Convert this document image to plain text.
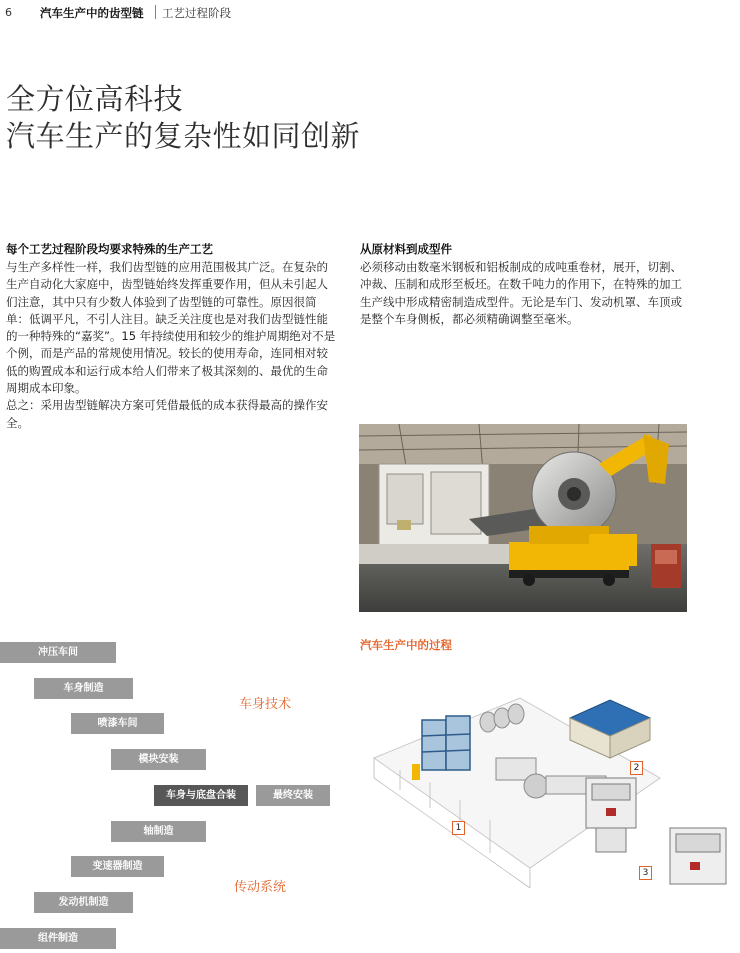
6 汽车生产中的齿型链 工艺过程阶段
全方位高科技
汽车生产的复杂性如同创新
每个工艺过程阶段均要求特殊的生产工艺

与生产多样性一样，我们齿型链的应用范围极其广泛。在复杂的生产自动化大家庭中，齿型链始终发挥重要作用，但从未引起人们注意，其中只有少数人体验到了齿型链的可靠性。原因很简单：低调平凡，不引人注目。缺乏关注度也是对我们齿型链性能的一种特殊的“嘉奖”。15 年持续使用和较少的维护周期绝对不是个例，而是产品的常规使用情况。较长的使用寿命，连同相对较低的购置成本和运行成本给人们带来了极其深刻的、最优的生命周期成本印象。

总之：采用齿型链解决方案可凭借最低的成本获得最高的操作安全。

从原材料到成型件
必须移动由数毫米钢板和铝板制成的成吨重卷材，展开，切割、冲裁、压制和成形至板坯。在数千吨力的作用下，在特殊的加工生产线中形成精密制造成型件。无论是车门、发动机罩、车顶或是整个车身侧板，都必须精确调整至毫米。
汽车生产中的过程
1
2
3
冲压车间
车身制造
喷漆车间
模块安装
车身与底盘合装	最终安装
轴制造
变速器制造
发动机制造
组件制造
车身技术
传动系统
